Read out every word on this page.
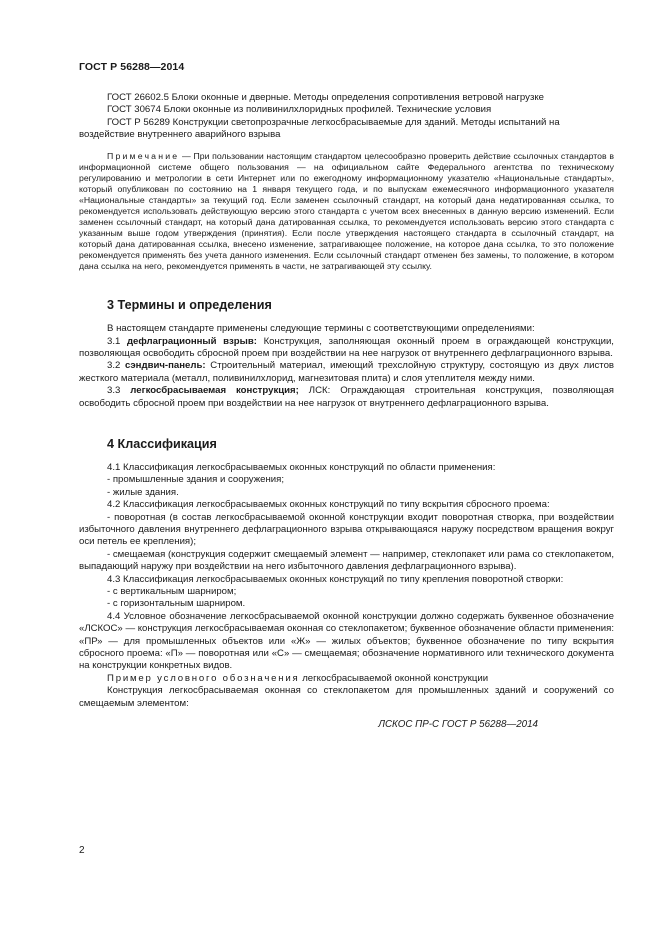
ГОСТ Р 56288—2014

ГОСТ 26602.5 Блоки оконные и дверные. Методы определения сопротивления ветровой нагрузке

ГОСТ 30674 Блоки оконные из поливинилхлоридных профилей. Технические условия

ГОСТ Р 56289 Конструкции светопрозрачные легкосбрасываемые для зданий. Методы испытаний на воздействие внутреннего аварийного взрыва

Примечание — При пользовании настоящим стандартом целесообразно проверить действие ссылочных стандартов в информационной системе общего пользования — на официальном сайте Федерального агентства по техническому регулированию и метрологии в сети Интернет или по ежегодному информационному указателю «Национальные стандарты», который опубликован по состоянию на 1 января текущего года, и по выпускам ежемесячного информационного указателя «Национальные стандарты» за текущий год. Если заменен ссылочный стандарт, на который дана недатированная ссылка, то рекомендуется использовать действующую версию этого стандарта с учетом всех внесенных в данную версию изменений. Если заменен ссылочный стандарт, на который дана датированная ссылка, то рекомендуется использовать версию этого стандарта с указанным выше годом утверждения (принятия). Если после утверждения настоящего стандарта в ссылочный стандарт, на который дана датированная ссылка, внесено изменение, затрагивающее положение, на которое дана ссылка, то это положение рекомендуется применять без учета данного изменения. Если ссылочный стандарт отменен без замены, то положение, в котором дана ссылка на него, рекомендуется применять в части, не затрагивающей эту ссылку.

3 Термины и определения

В настоящем стандарте применены следующие термины с соответствующими определениями:

3.1 дефлаграционный взрыв: Конструкция, заполняющая оконный проем в ограждающей конструкции, позволяющая освободить сбросной проем при воздействии на нее нагрузок от внутреннего дефлаграционного взрыва.

3.2 сэндвич-панель: Строительный материал, имеющий трехслойную структуру, состоящую из двух листов жесткого материала (металл, поливинилхлорид, магнезитовая плита) и слоя утеплителя между ними.

3.3 легкосбрасываемая конструкция; ЛСК: Ограждающая строительная конструкция, позволяющая освободить сбросной проем при воздействии на нее нагрузок от внутреннего дефлаграционного взрыва.

4 Классификация

4.1 Классификация легкосбрасываемых оконных конструкций по области применения:

- промышленные здания и сооружения;

- жилые здания.

4.2 Классификация легкосбрасываемых оконных конструкций по типу вскрытия сбросного проема:

- поворотная (в состав легкосбрасываемой оконной конструкции входит поворотная створка, при воздействии избыточного давления внутреннего дефлаграционного взрыва открывающаяся наружу посредством вращения вокруг оси петель ее крепления);

- смещаемая (конструкция содержит смещаемый элемент — например, стеклопакет или рама со стеклопакетом, выпадающий наружу при воздействии на него избыточного давления дефлаграционного взрыва).

4.3 Классификация легкосбрасываемых оконных конструкций по типу крепления поворотной створки:

- с вертикальным шарниром;

- с горизонтальным шарниром.

4.4 Условное обозначение легкосбрасываемой оконной конструкции должно содержать буквенное обозначение «ЛСКОС» — конструкция легкосбрасываемая оконная со стеклопакетом; буквенное обозначение области применения: «ПР» — для промышленных объектов или «Ж» — жилых объектов; буквенное обозначение по типу вскрытия сбросного проема: «П» — поворотная или «С» — смещаемая; обозначение нормативного или технического документа на конструкции конкретных видов.

Пример условного обозначения легкосбрасываемой оконной конструкции

Конструкция легкосбрасываемая оконная со стеклопакетом для промышленных зданий и сооружений со смещаемым элементом:

ЛСКОС ПР-С ГОСТ Р 56288—2014
2
